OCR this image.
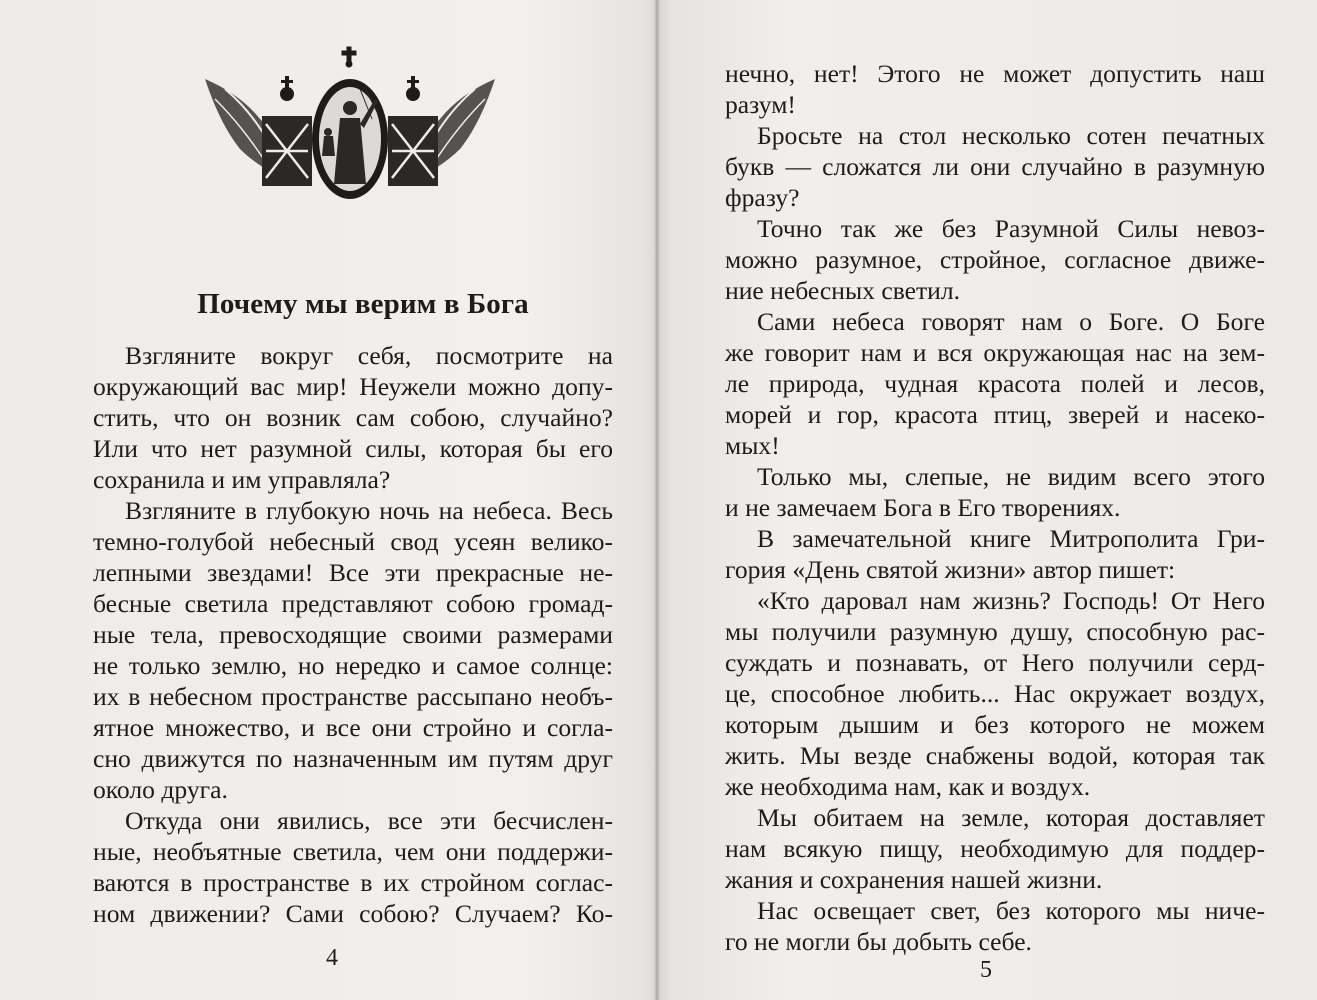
Почему мы верим в Бога
Взгляните вокруг себя, посмотрите на
окружающий вас мир! Неужели можно допу-
стить, что он возник сам собою, случайно?
Или что нет разумной силы, которая бы его
сохранила и им управляла?
Взгляните в глубокую ночь на небеса. Весь
темно-голубой небесный свод усеян велико-
лепными звездами! Все эти прекрасные не-
бесные светила представляют собою громад-
ные тела, превосходящие своими размерами
не только землю, но нередко и самое солнце:
их в небесном пространстве рассыпано необъ-
ятное множество, и все они стройно и согла-
сно движутся по назначенным им путям друг
около друга.
Откуда они явились, все эти бесчислен-
ные, необъятные светила, чем они поддержи-
ваются в пространстве в их стройном соглас-
ном движении? Сами собою? Случаем? Ко-
4
нечно, нет! Этого не может допустить наш
разум!
Бросьте на стол несколько сотен печатных
букв — сложатся ли они случайно в разумную
фразу?
Точно так же без Разумной Силы невоз-
можно разумное, стройное, согласное движе-
ние небесных светил.
Сами небеса говорят нам о Боге. О Боге
же говорит нам и вся окружающая нас на зем-
ле природа, чудная красота полей и лесов,
морей и гор, красота птиц, зверей и насеко-
мых!
Только мы, слепые, не видим всего этого
и не замечаем Бога в Его творениях.
В замечательной книге Митрополита Гри-
гория «День святой жизни» автор пишет:
«Кто даровал нам жизнь? Господь! От Него
мы получили разумную душу, способную рас-
суждать и познавать, от Него получили серд-
це, способное любить... Нас окружает воздух,
которым дышим и без которого не можем
жить. Мы везде снабжены водой, которая так
же необходима нам, как и воздух.
Мы обитаем на земле, которая доставляет
нам всякую пищу, необходимую для поддер-
жания и сохранения нашей жизни.
Нас освещает свет, без которого мы ниче-
го не могли бы добыть себе.
5
